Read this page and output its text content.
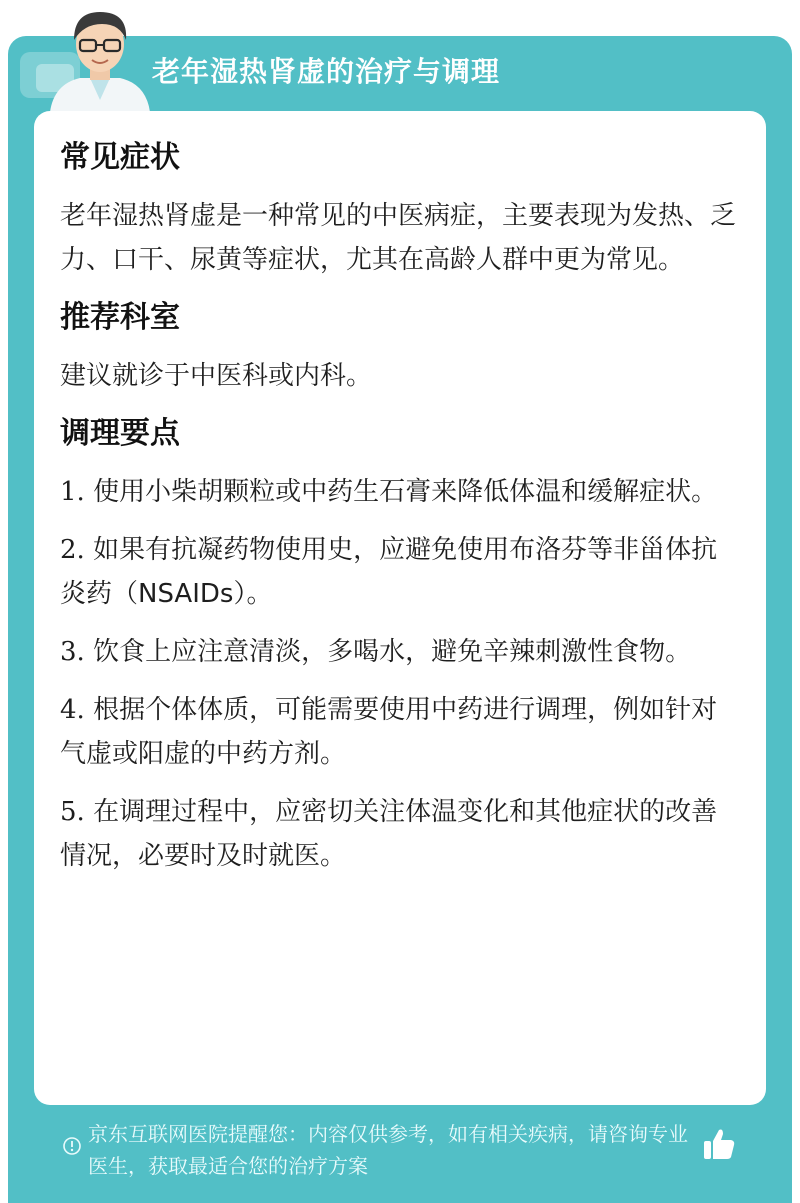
老年湿热肾虚的治疗与调理
常见症状

老年湿热肾虚是一种常见的中医病症，主要表现为发热、乏力、口干、尿黄等症状，尤其在高龄人群中更为常见。

推荐科室

建议就诊于中医科或内科。

调理要点

1. 使用小柴胡颗粒或中药生石膏来降低体温和缓解症状。

2. 如果有抗凝药物使用史，应避免使用布洛芬等非甾体抗炎药（NSAIDs）。

3. 饮食上应注意清淡，多喝水，避免辛辣刺激性食物。

4. 根据个体体质，可能需要使用中药进行调理，例如针对气虚或阳虚的中药方剂。

5. 在调理过程中，应密切关注体温变化和其他症状的改善情况，必要时及时就医。

京东互联网医院提醒您：内容仅供参考，如有相关疾病，请咨询专业医生，获取最适合您的治疗方案
